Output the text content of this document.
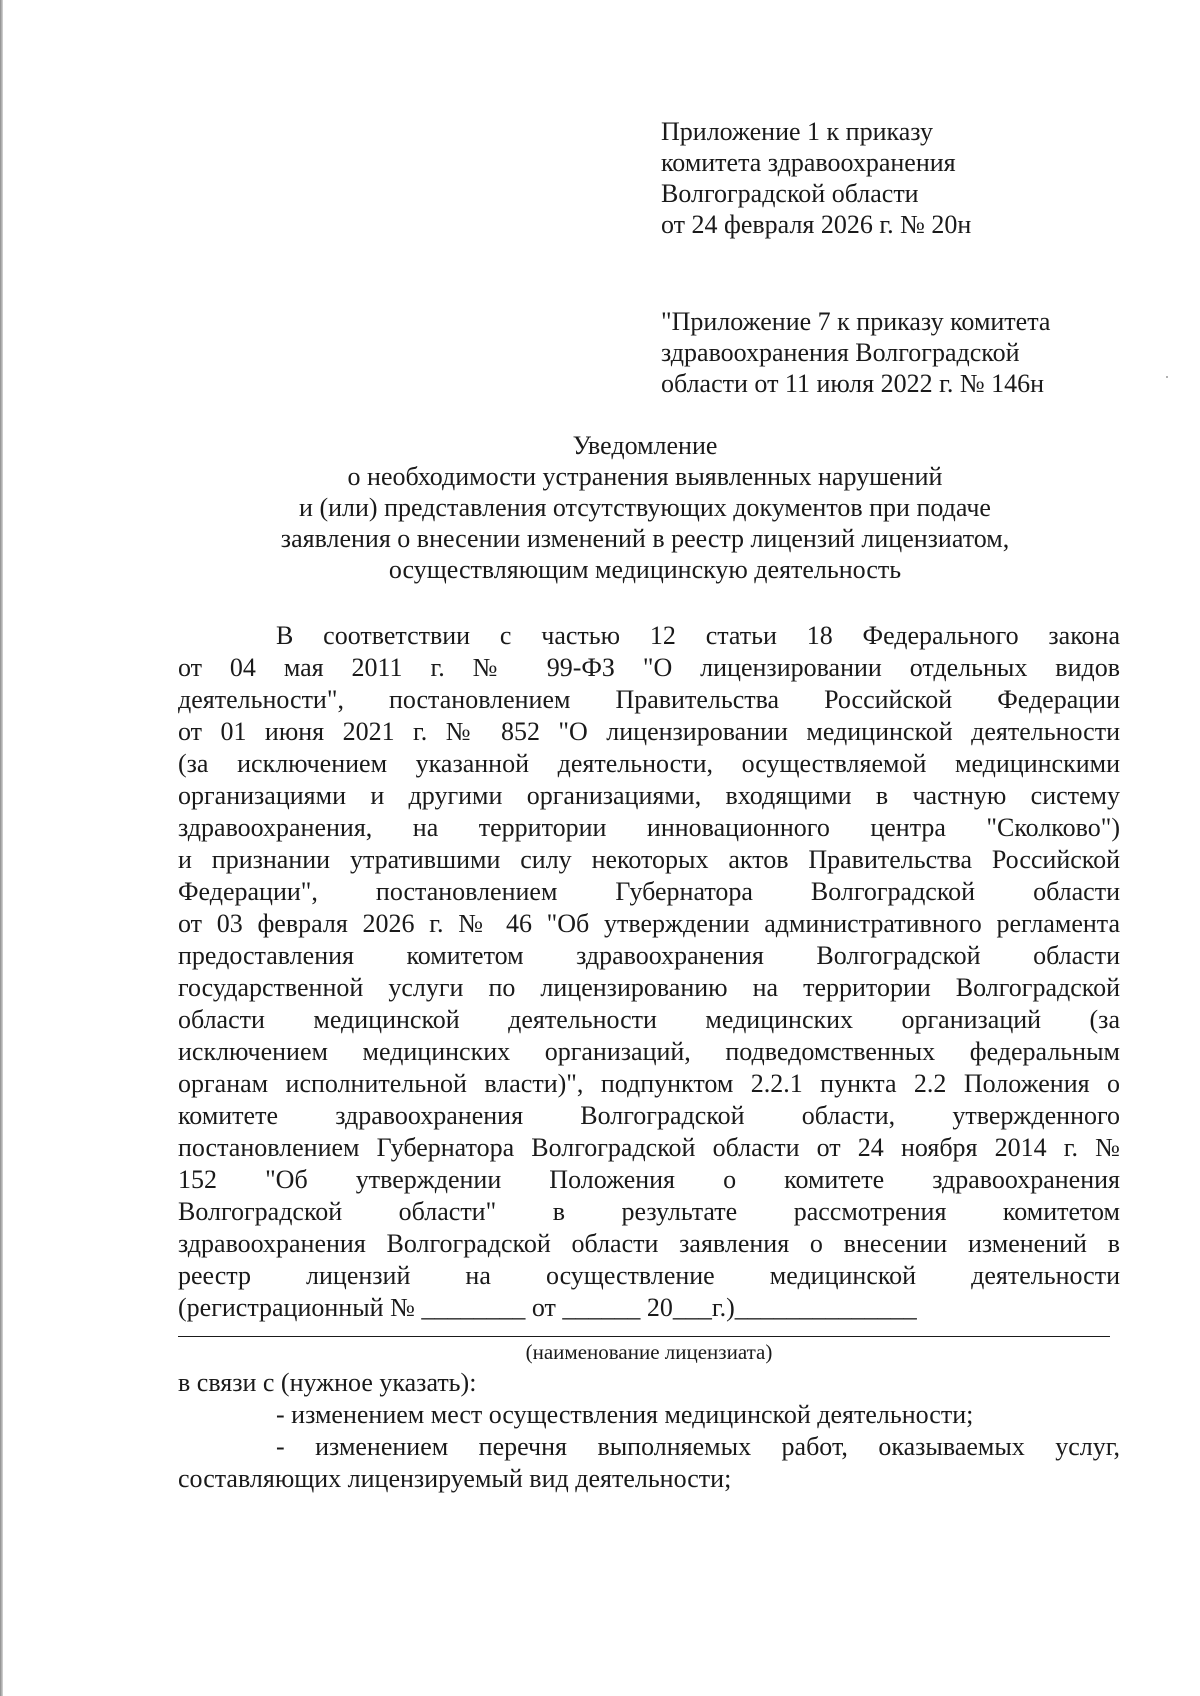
Приложение 1 к приказу
комитета здравоохранения
Волгоградской области
от 24 февраля 2026 г. № 20н
"Приложение 7 к приказу комитета
здравоохранения Волгоградской
области от 11 июля 2022 г. № 146н
Уведомление
о необходимости устранения выявленных нарушений
и (или) представления отсутствующих документов при подаче
заявления о внесении изменений в реестр лицензий лицензиатом,
осуществляющим медицинскую деятельность
В соответствии с частью 12 статьи 18 Федерального закона
от 04 мая 2011 г. № 99-ФЗ "О лицензировании отдельных видов
деятельности", постановлением Правительства Российской Федерации
от 01 июня 2021 г. № 852 "О лицензировании медицинской деятельности
(за исключением указанной деятельности, осуществляемой медицинскими
организациями и другими организациями, входящими в частную систему
здравоохранения, на территории инновационного центра "Сколково")
и признании утратившими силу некоторых актов Правительства Российской
Федерации", постановлением Губернатора Волгоградской области
от 03 февраля 2026 г. № 46 "Об утверждении административного регламента
предоставления комитетом здравоохранения Волгоградской области
государственной услуги по лицензированию на территории Волгоградской
области медицинской деятельности медицинских организаций (за
исключением медицинских организаций, подведомственных федеральным
органам исполнительной власти)", подпунктом 2.2.1 пункта 2.2 Положения о
комитете здравоохранения Волгоградской области, утвержденного
постановлением Губернатора Волгоградской области от 24 ноября 2014 г. №
152 "Об утверждении Положения о комитете здравоохранения
Волгоградской области" в результате рассмотрения комитетом
здравоохранения Волгоградской области заявления о внесении изменений в
реестр лицензий на осуществление медицинской деятельности
(регистрационный № ________ от ______ 20___г.)______________
(наименование лицензиата)
в связи с (нужное указать):
- изменением мест осуществления медицинской деятельности;
- изменением перечня выполняемых работ, оказываемых услуг,
составляющих лицензируемый вид деятельности;
